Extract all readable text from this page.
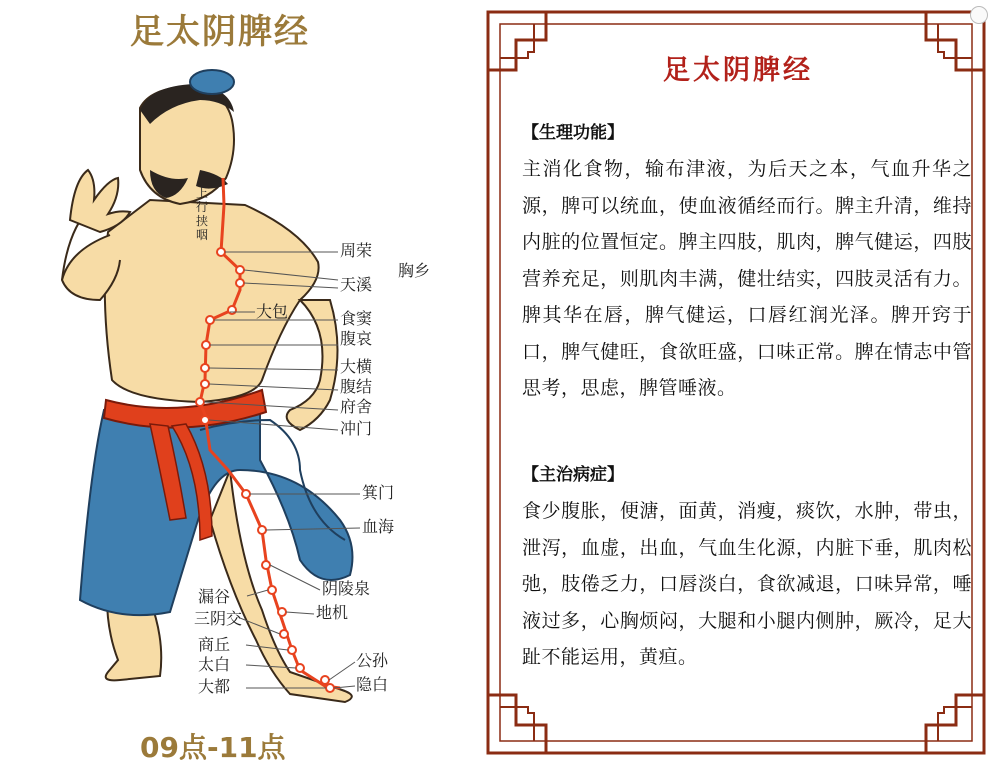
足太阴脾经
上行挟咽
周荣
胸乡
天溪
大包	食窦
腹哀
大横
腹结
府舍
冲门
箕门
血海
阴陵泉
漏谷
地机
三阴交
商丘
太白	公孙
大都	隐白
09点-11点
足太阴脾经
【生理功能】

主消化食物，输布津液，为后天之本，气血升华之源，脾可以统血，使血液循经而行。脾主升清，维持内脏的位置恒定。脾主四肢，肌肉，脾气健运，四肢营养充足，则肌肉丰满，健壮结实，四肢灵活有力。脾其华在唇，脾气健运，口唇红润光泽。脾开窍于口，脾气健旺，食欲旺盛，口味正常。脾在情志中管思考，思虑，脾管唾液。

【主治病症】

食少腹胀，便溏，面黄，消瘦，痰饮，水肿，带虫，泄泻，血虚，出血，气血生化源，内脏下垂，肌肉松弛，肢倦乏力，口唇淡白，食欲减退，口味异常，唾液过多，心胸烦闷，大腿和小腿内侧肿，厥冷，足大趾不能运用，黄疸。
